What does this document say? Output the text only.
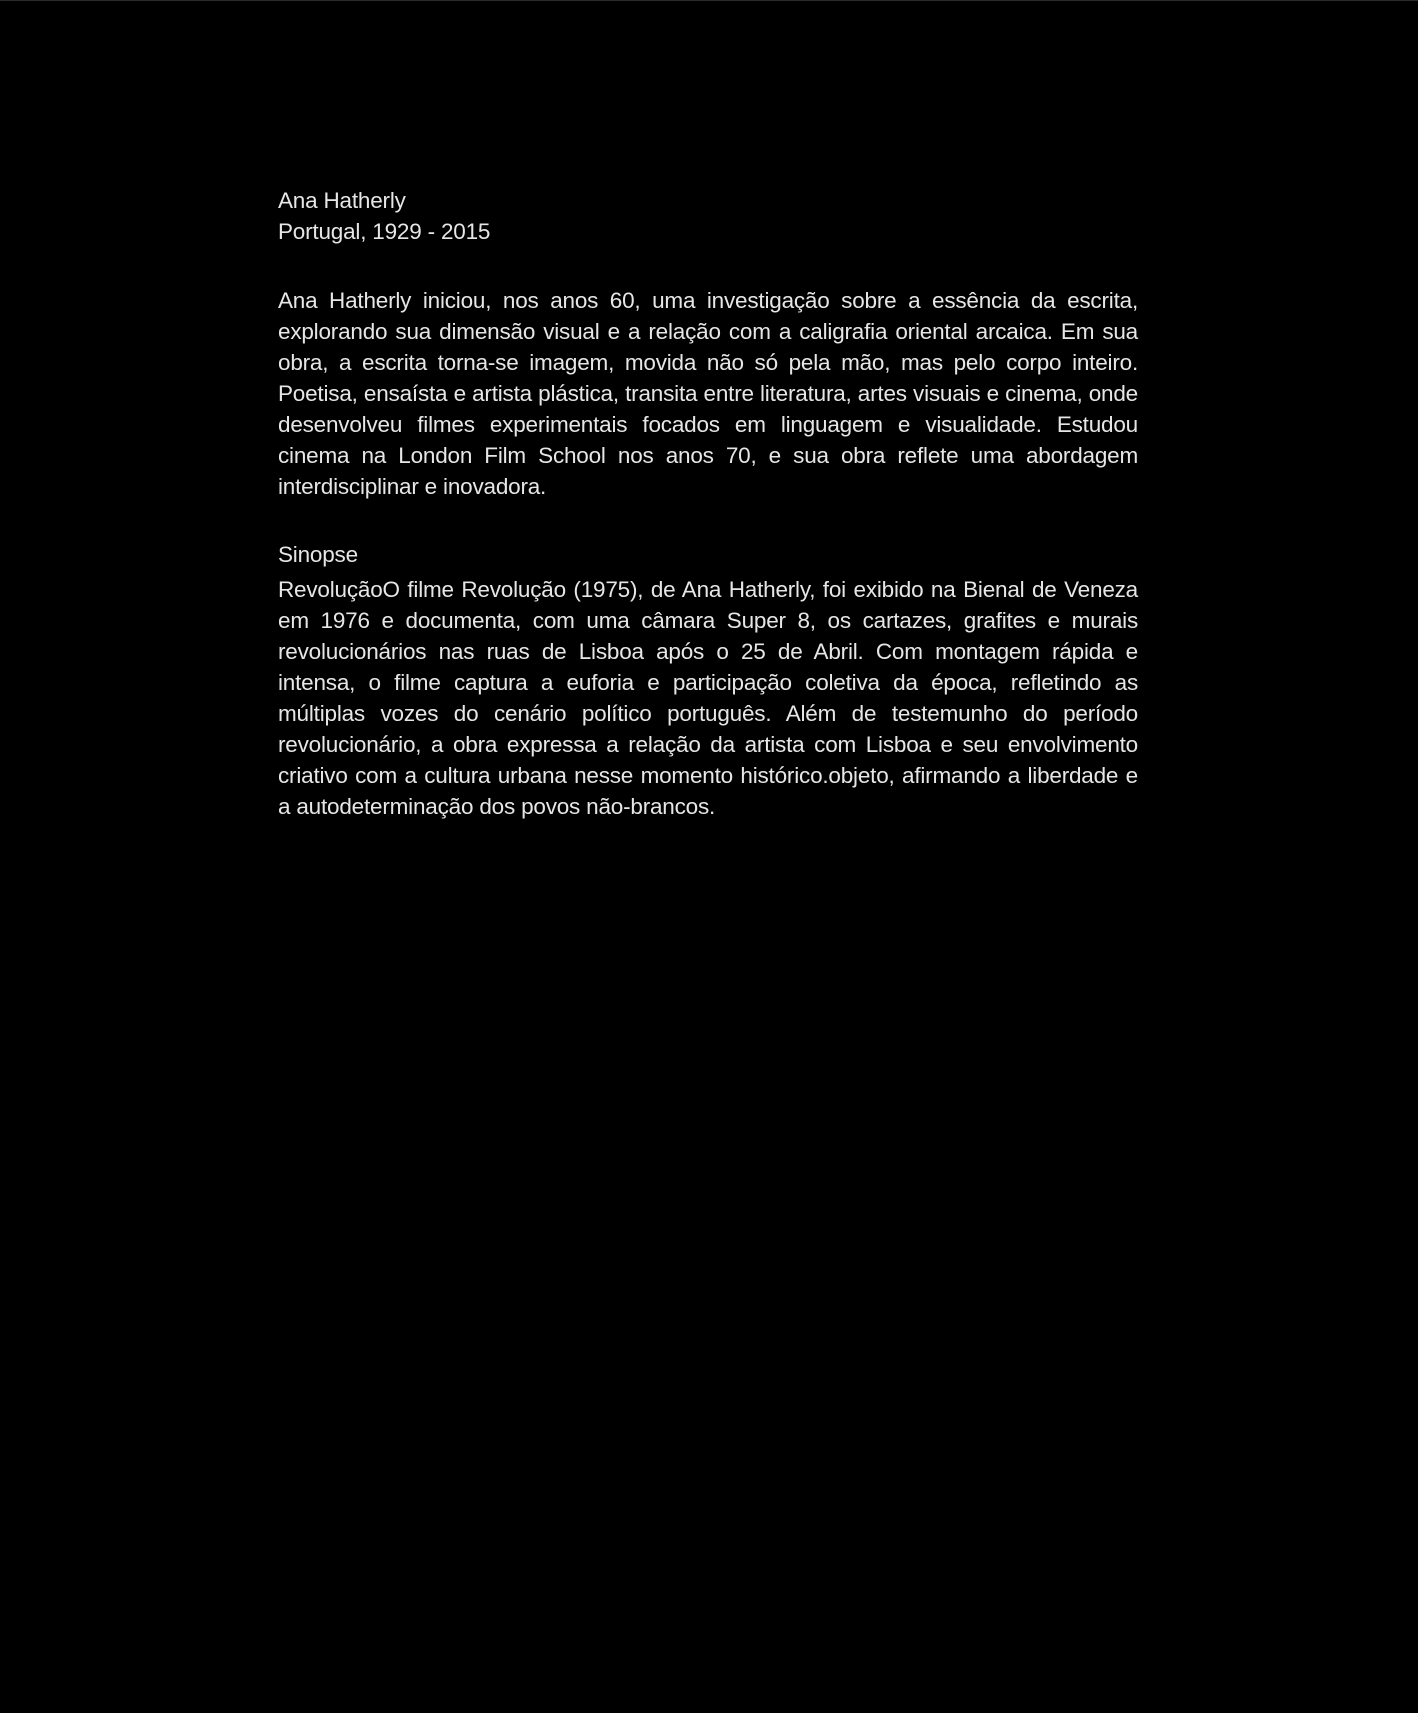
Ana Hatherly
Portugal, 1929 - 2015

Ana Hatherly iniciou, nos anos 60, uma investigação sobre a essência da escrita, explorando sua dimensão visual e a relação com a caligrafia oriental arcaica. Em sua obra, a escrita torna-se imagem, movida não só pela mão, mas pelo corpo inteiro. Poetisa, ensaísta e artista plástica, transita entre literatura, artes visuais e cinema, onde desenvolveu filmes experimentais focados em linguagem e visualidade. Estudou cinema na London Film School nos anos 70, e sua obra reflete uma abordagem interdisciplinar e inovadora.

Sinopse

RevoluçãoO filme Revolução (1975), de Ana Hatherly, foi exibido na Bienal de Veneza em 1976 e documenta, com uma câmara Super 8, os cartazes, grafites e murais revolucionários nas ruas de Lisboa após o 25 de Abril. Com montagem rápida e intensa, o filme captura a euforia e participação coletiva da época, refletindo as múltiplas vozes do cenário político português. Além de testemunho do período revolucionário, a obra expressa a relação da artista com Lisboa e seu envolvimento criativo com a cultura urbana nesse momento histórico.objeto, afirmando a liberdade e a autodeterminação dos povos não-brancos.
